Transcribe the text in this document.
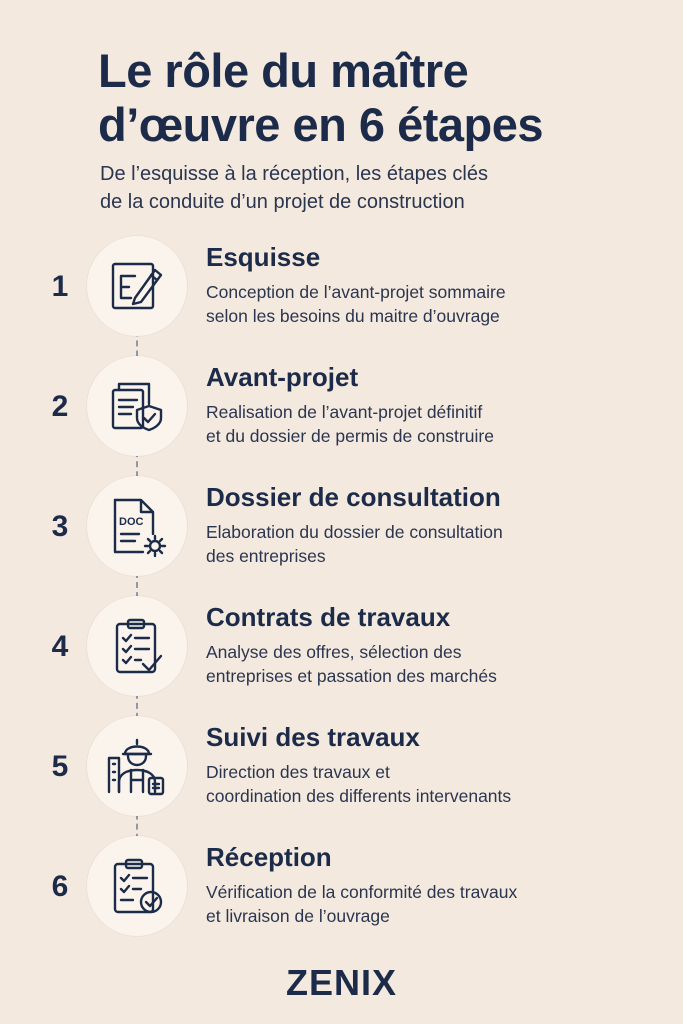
Le rôle du maître
d’œuvre en 6 étapes

De l’esquisse à la réception, les étapes clés
de la conduite d’un projet de construction

1
Esquisse
Conception de l’avant-projet sommaire
selon les besoins du maitre d’ouvrage
2
Avant-projet
Realisation de l’avant-projet définitif
et du dossier de permis de construire
3	DOC
Dossier de consultation
Elaboration du dossier de consultation
des entreprises
4
Contrats de travaux
Analyse des offres, sélection des
entreprises et passation des marchés
5
Suivi des travaux
Direction des travaux et
coordination des differents intervenants
6
Réception
Vérification de la conformité des travaux
et livraison de l’ouvrage
ZENIX
